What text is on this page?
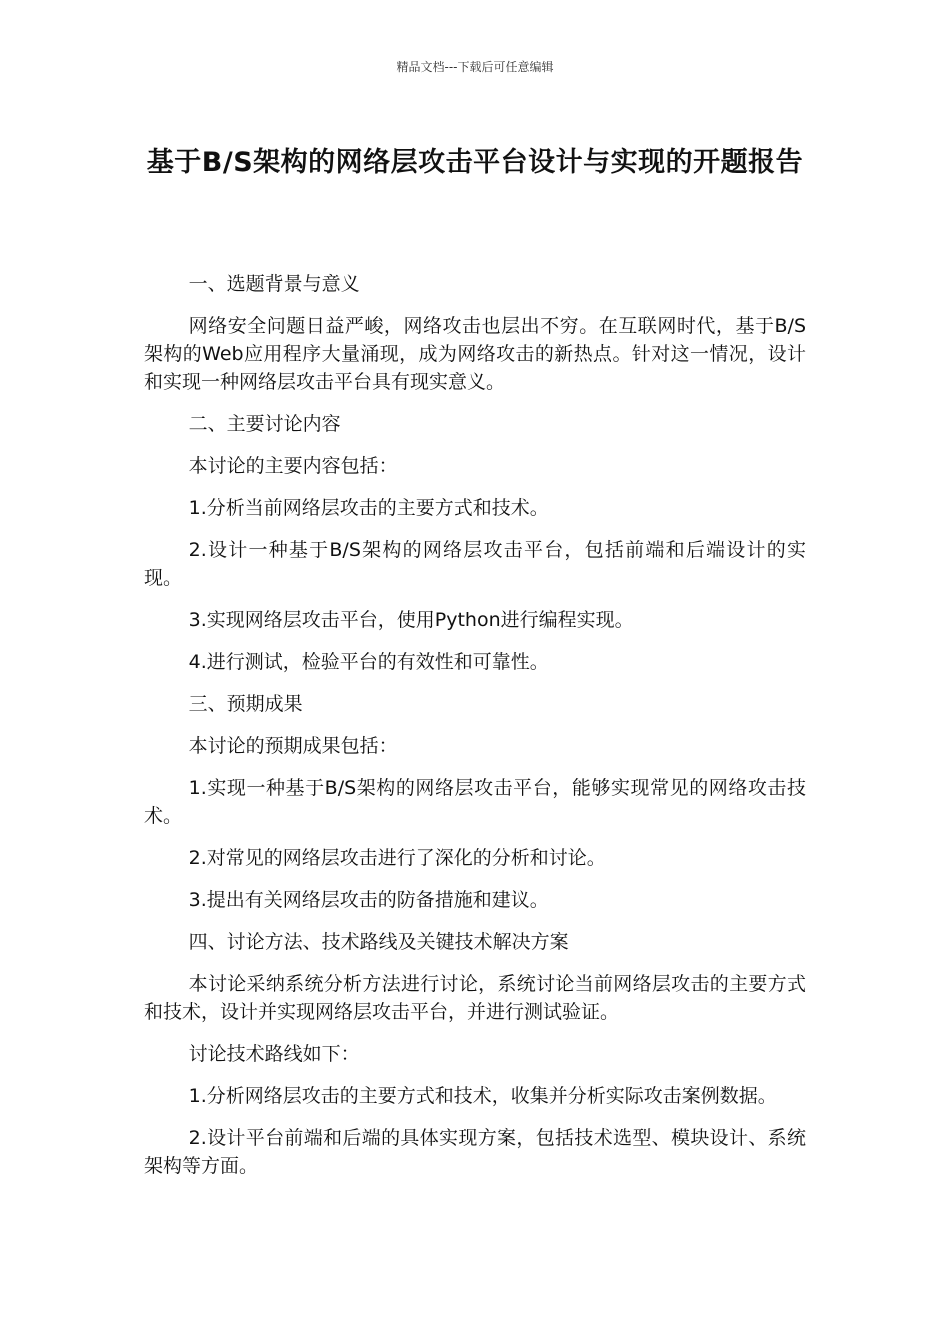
精品文档---下载后可任意编辑
基于B/S架构的网络层攻击平台设计与实现的开题报告

一、选题背景与意义

网络安全问题日益严峻，网络攻击也层出不穷。在互联网时代，基于B/S架构的Web应用程序大量涌现，成为网络攻击的新热点。针对这一情况，设计和实现一种网络层攻击平台具有现实意义。

二、主要讨论内容

本讨论的主要内容包括：

1.分析当前网络层攻击的主要方式和技术。

2.设计一种基于B/S架构的网络层攻击平台，包括前端和后端设计的实现。

3.实现网络层攻击平台，使用Python进行编程实现。

4.进行测试，检验平台的有效性和可靠性。

三、预期成果

本讨论的预期成果包括：

1.实现一种基于B/S架构的网络层攻击平台，能够实现常见的网络攻击技术。

2.对常见的网络层攻击进行了深化的分析和讨论。

3.提出有关网络层攻击的防备措施和建议。

四、讨论方法、技术路线及关键技术解决方案

本讨论采纳系统分析方法进行讨论，系统讨论当前网络层攻击的主要方式和技术，设计并实现网络层攻击平台，并进行测试验证。

讨论技术路线如下：

1.分析网络层攻击的主要方式和技术，收集并分析实际攻击案例数据。

2.设计平台前端和后端的具体实现方案，包括技术选型、模块设计、系统架构等方面。
